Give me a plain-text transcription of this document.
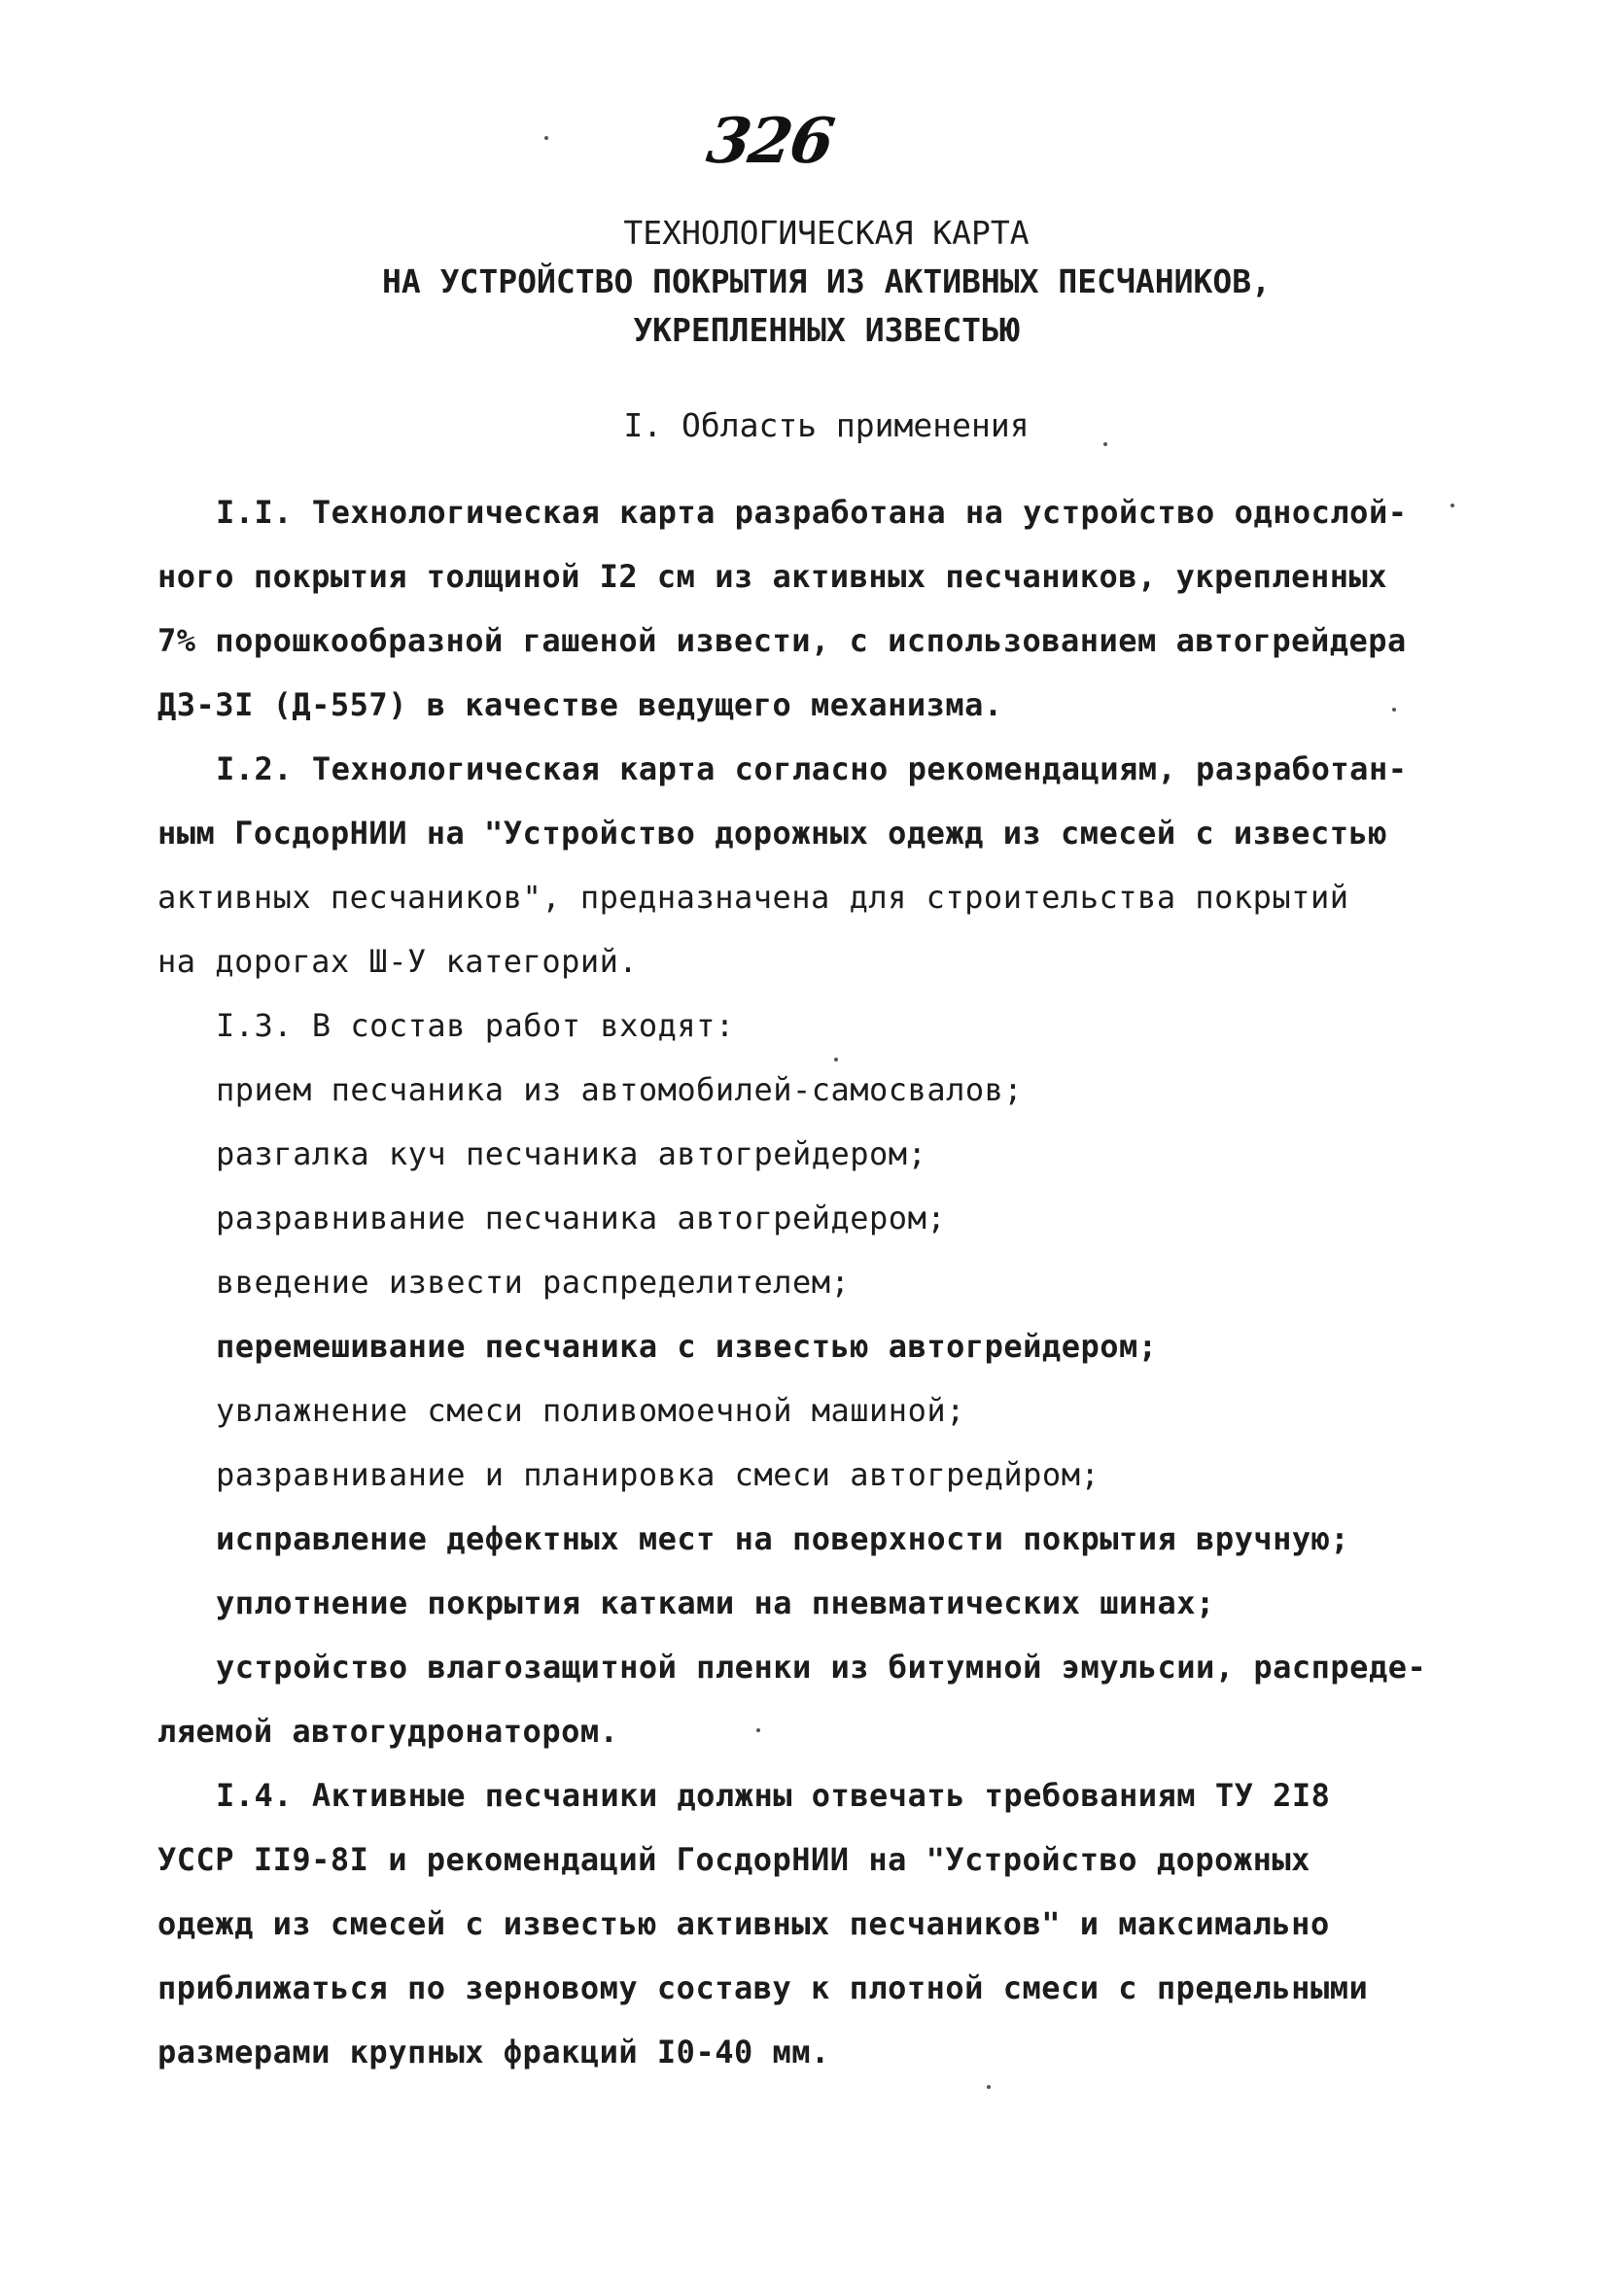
326
ТЕХНОЛОГИЧЕСКАЯ КАРТА
НА УСТРОЙСТВО ПОКРЫТИЯ ИЗ АКТИВНЫХ ПЕСЧАНИКОВ,
УКРЕПЛЕННЫХ ИЗВЕСТЬЮ
I. Область применения
I.I. Технологическая карта разработана на устройство однослой-
ного покрытия толщиной I2 см из активных песчаников, укрепленных
7% порошкообразной гашеной извести, с использованием автогрейдера
ДЗ-3I (Д-557) в качестве ведущего механизма.
I.2. Технологическая карта согласно рекомендациям, разработан-
ным ГосдорНИИ на "Устройство дорожных одежд из смесей с известью
активных песчаников", предназначена для строительства покрытий
на дорогах Ш-У категорий.
I.3. В состав работ входят:
прием песчаника из автомобилей-самосвалов;
разгалка куч песчаника автогрейдером;
разравнивание песчаника автогрейдером;
введение извести распределителем;
перемешивание песчаника с известью автогрейдером;
увлажнение смеси поливомоечной машиной;
разравнивание и планировка смеси автогредйром;
исправление дефектных мест на поверхности покрытия вручную;
уплотнение покрытия катками на пневматических шинах;
устройство влагозащитной пленки из битумной эмульсии, распреде-
ляемой автогудронатором.
I.4. Активные песчаники должны отвечать требованиям ТУ 2I8
УССР II9-8I и рекомендаций ГосдорНИИ на "Устройство дорожных
одежд из смесей с известью активных песчаников" и максимально
приближаться по зерновому составу к плотной смеси с предельными
размерами крупных фракций I0-40 мм.
